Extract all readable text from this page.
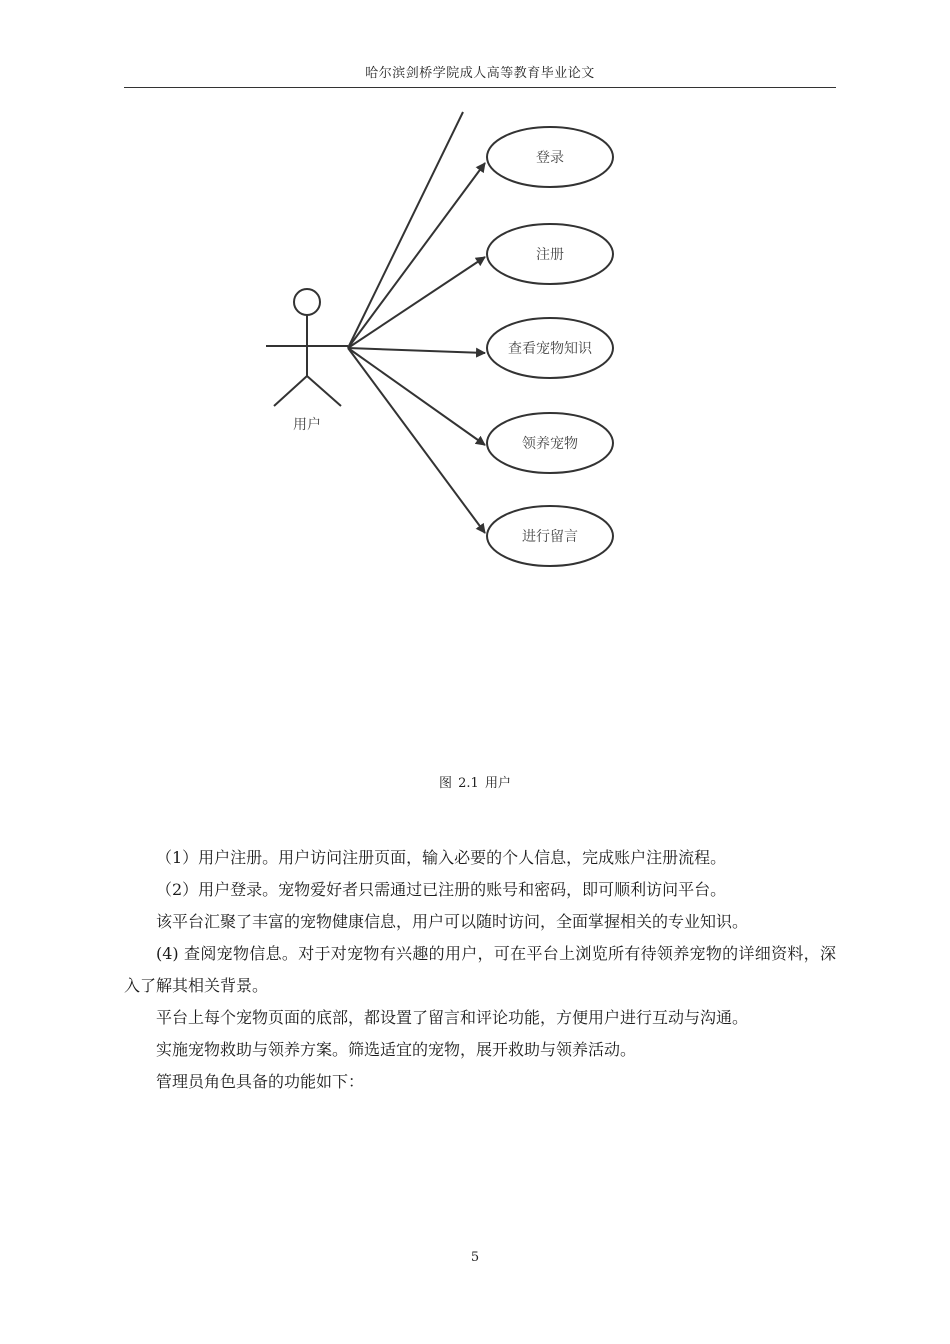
哈尔滨剑桥学院成人高等教育毕业论文
用户
登录
注册
查看宠物知识
领养宠物
进行留言
图 2.1 用户

（1）用户注册。用户访问注册页面，输入必要的个人信息，完成账户注册流程。

（2）用户登录。宠物爱好者只需通过已注册的账号和密码，即可顺利访问平台。

该平台汇聚了丰富的宠物健康信息，用户可以随时访问，全面掌握相关的专业知识。

(4) 查阅宠物信息。对于对宠物有兴趣的用户，可在平台上浏览所有待领养宠物的详细资料，深入了解其相关背景。

平台上每个宠物页面的底部，都设置了留言和评论功能，方便用户进行互动与沟通。

实施宠物救助与领养方案。筛选适宜的宠物，展开救助与领养活动。

管理员角色具备的功能如下：

5
